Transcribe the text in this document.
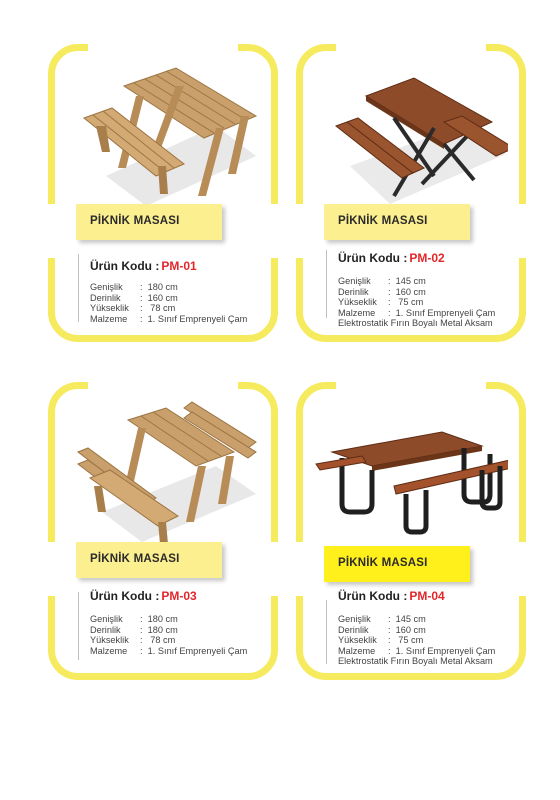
PİKNİK MASASI
Ürün Kodu : PM-01
Genişlik : 180 cm
Derinlik : 160 cm
Yükseklik : 78 cm
Malzeme : 1. Sınıf Emprenyeli Çam
PİKNİK MASASI
Ürün Kodu : PM-02
Genişlik : 145 cm
Derinlik : 160 cm
Yükseklik : 75 cm
Malzeme : 1. Sınıf Emprenyeli Çam
Elektrostatik Fırın Boyalı Metal Aksam
PİKNİK MASASI
Ürün Kodu : PM-03
Genişlik : 180 cm
Derinlik : 180 cm
Yükseklik : 78 cm
Malzeme : 1. Sınıf Emprenyeli Çam
PİKNİK MASASI
Ürün Kodu : PM-04
Genişlik : 145 cm
Derinlik : 160 cm
Yükseklik : 75 cm
Malzeme : 1. Sınıf Emprenyeli Çam
Elektrostatik Fırın Boyalı Metal Aksam
